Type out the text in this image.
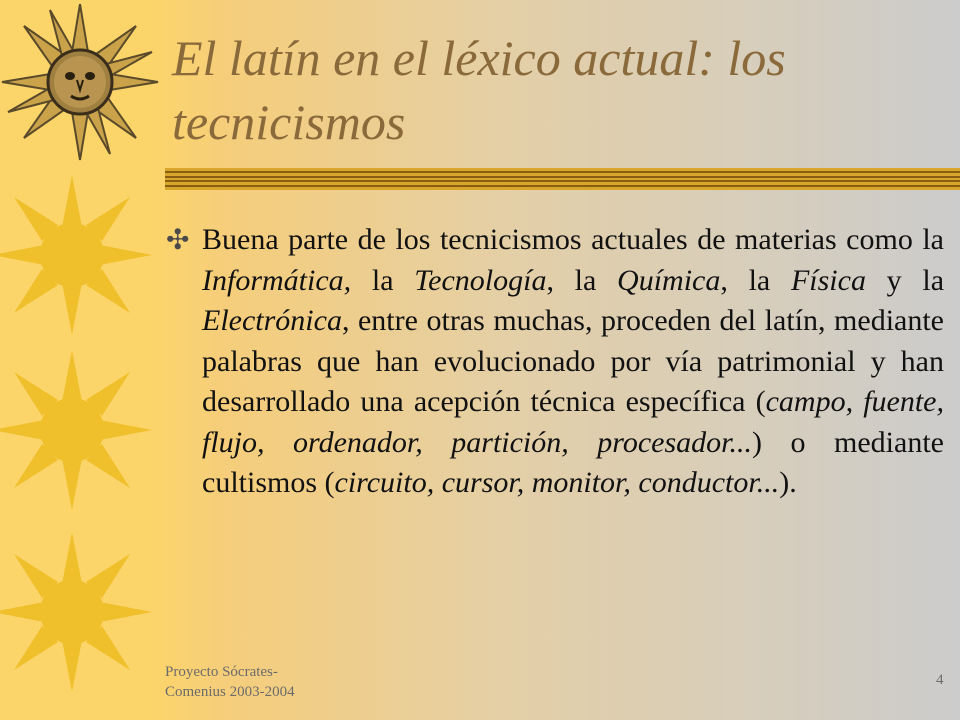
El latín en el léxico actual: los tecnicismos
✣ Buena parte de los tecnicismos actuales de materias como la Informática, la Tecnología, la Química, la Física y la Electrónica, entre otras muchas, proceden del latín, mediante palabras que han evolucionado por vía patrimonial y han desarrollado una acepción técnica específica (campo, fuente, flujo, ordenador, partición, procesador...) o mediante cultismos (circuito, cursor, monitor, conductor...).

Proyecto Sócrates-
Comenius 2003-2004
4
